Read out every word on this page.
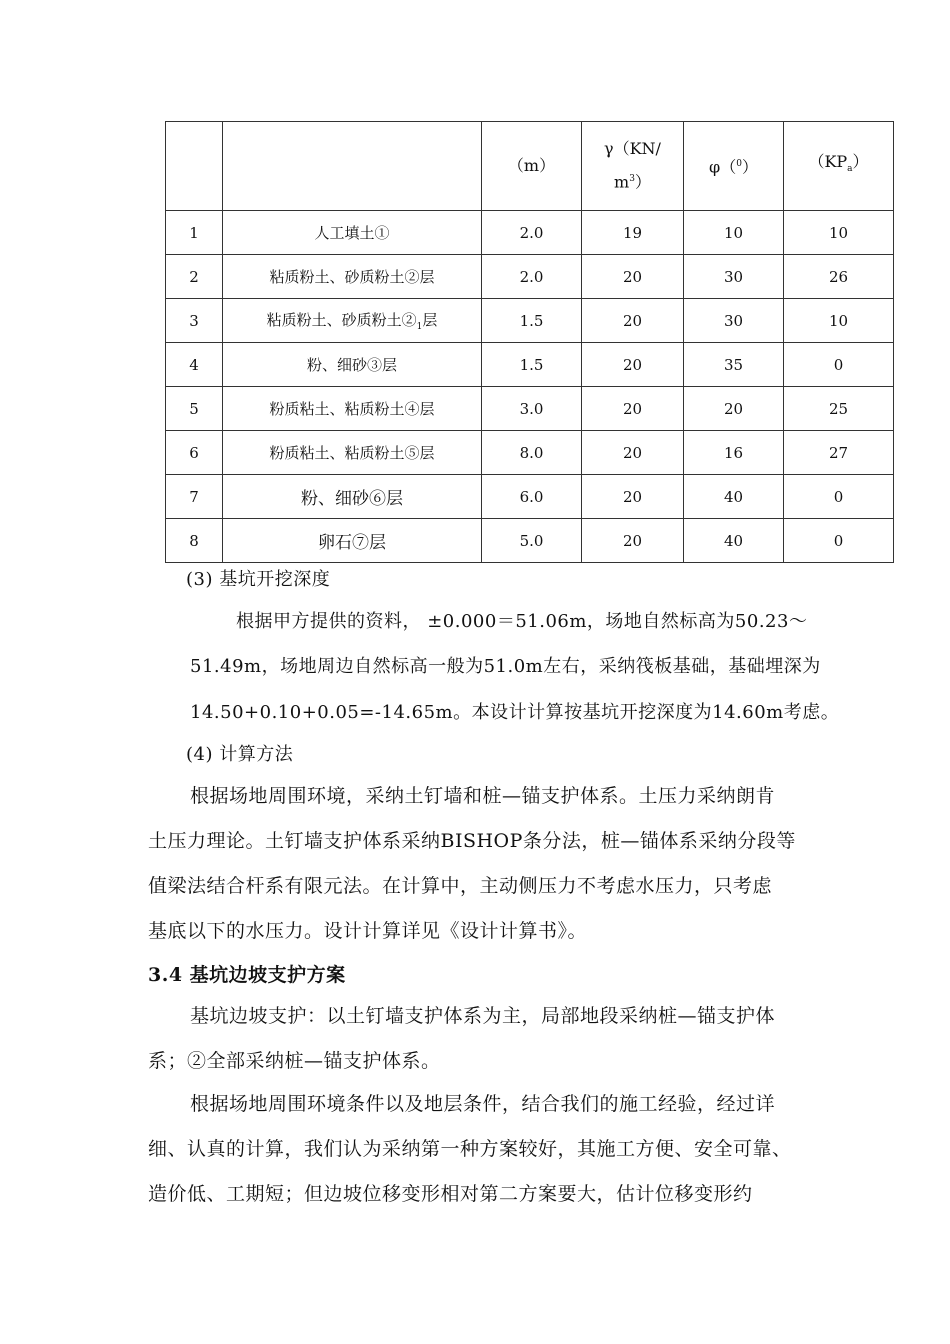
		（m）	γ（KN/
$m^3$）	φ（$^0$）	$(KP_a)$
1	人工填土①	2.0	19	10	10
2	粘质粉土、砂质粉土②层	2.0	20	30	26
3	粘质粉土、砂质粉土$②_1$层	1.5	20	30	10
4	粉、细砂③层	1.5	20	35	0
5	粉质粘土、粘质粉土④层	3.0	20	20	25
6	粉质粘土、粘质粉土⑤层	8.0	20	16	27
7	粉、细砂⑥层	6.0	20	40	0
8	卵石⑦层	5.0	20	40	0
(3) 基坑开挖深度
根据甲方提供的资料， ±0.000＝51.06m，场地自然标高为50.23～
51.49m，场地周边自然标高一般为51.0m左右，采纳筏板基础，基础埋深为
14.50+0.10+0.05=-14.65m。本设计计算按基坑开挖深度为14.60m考虑。
(4) 计算方法
根据场地周围环境，采纳土钉墙和桩—锚支护体系。土压力采纳朗肯
土压力理论。土钉墙支护体系采纳BISHOP条分法，桩—锚体系采纳分段等
值梁法结合杆系有限元法。在计算中，主动侧压力不考虑水压力，只考虑
基底以下的水压力。设计计算详见《设计计算书》。
3.4 基坑边坡支护方案
基坑边坡支护：以土钉墙支护体系为主，局部地段采纳桩—锚支护体
系；②全部采纳桩—锚支护体系。
根据场地周围环境条件以及地层条件，结合我们的施工经验，经过详
细、认真的计算，我们认为采纳第一种方案较好，其施工方便、安全可靠、
造价低、工期短；但边坡位移变形相对第二方案要大，估计位移变形约
